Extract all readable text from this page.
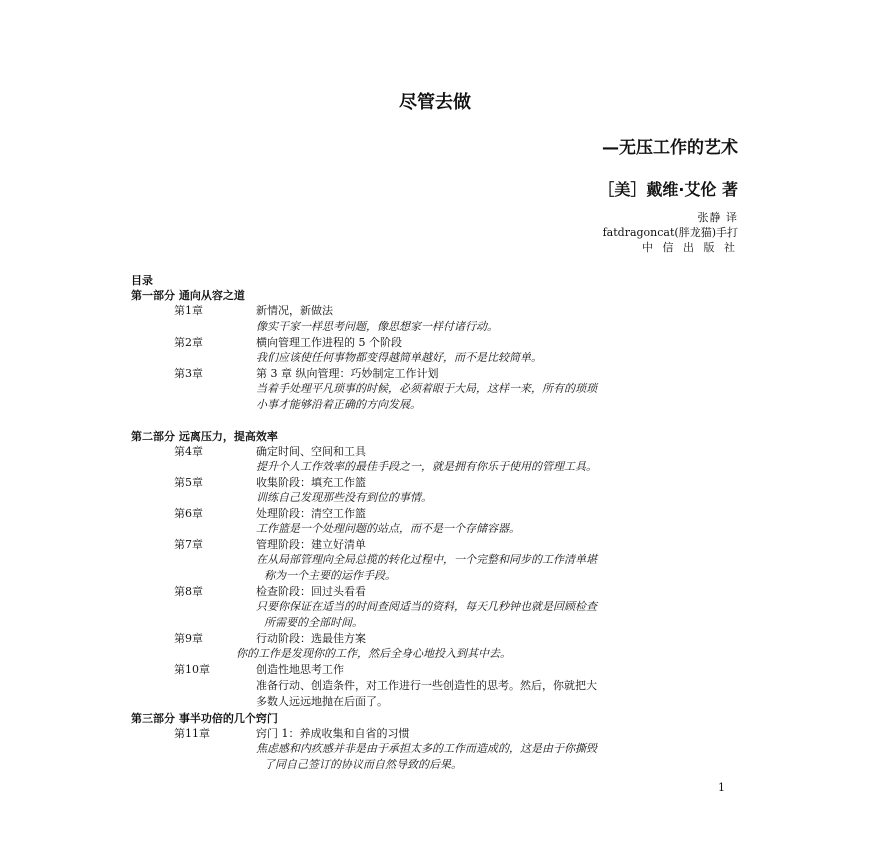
尽管去做
—无压工作的艺术
［美］戴维·艾伦 著
张静 译
fatdragoncat(胖龙猫)手打
中 信 出 版 社
目录
第一部分 通向从容之道
第1章	新情况，新做法
像实干家一样思考问题，像思想家一样付诸行动。
第2章	横向管理工作进程的 5 个阶段
我们应该使任何事物都变得越简单越好，而不是比较简单。
第3章	第 3 章 纵向管理：巧妙制定工作计划
当着手处理平凡琐事的时候，必须着眼于大局，这样一来，所有的琐琐
小事才能够沿着正确的方向发展。
第二部分 远离压力，提高效率
第4章	确定时间、空间和工具
提升个人工作效率的最佳手段之一，就是拥有你乐于使用的管理工具。
第5章	收集阶段：填充工作篮
训练自己发现那些没有到位的事情。
第6章	处理阶段：清空工作篮
工作篮是一个处理问题的站点，而不是一个存储容器。
第7章	管理阶段：建立好清单
在从局部管理向全局总揽的转化过程中，一个完整和同步的工作清单堪
称为一个主要的运作手段。
第8章	检查阶段：回过头看看
只要你保证在适当的时间查阅适当的资料，每天几秒钟也就是回顾检查
所需要的全部时间。
第9章	行动阶段：选最佳方案
你的工作是发现你的工作，然后全身心地投入到其中去。
第10章	创造性地思考工作
准备行动、创造条件，对工作进行一些创造性的思考。然后，你就把大
多数人远远地抛在后面了。
第三部分 事半功倍的几个窍门
第11章	窍门 1：养成收集和自省的习惯
焦虑感和内疚感并非是由于承担太多的工作而造成的，这是由于你撕毁
了同自己签订的协议而自然导致的后果。
1
